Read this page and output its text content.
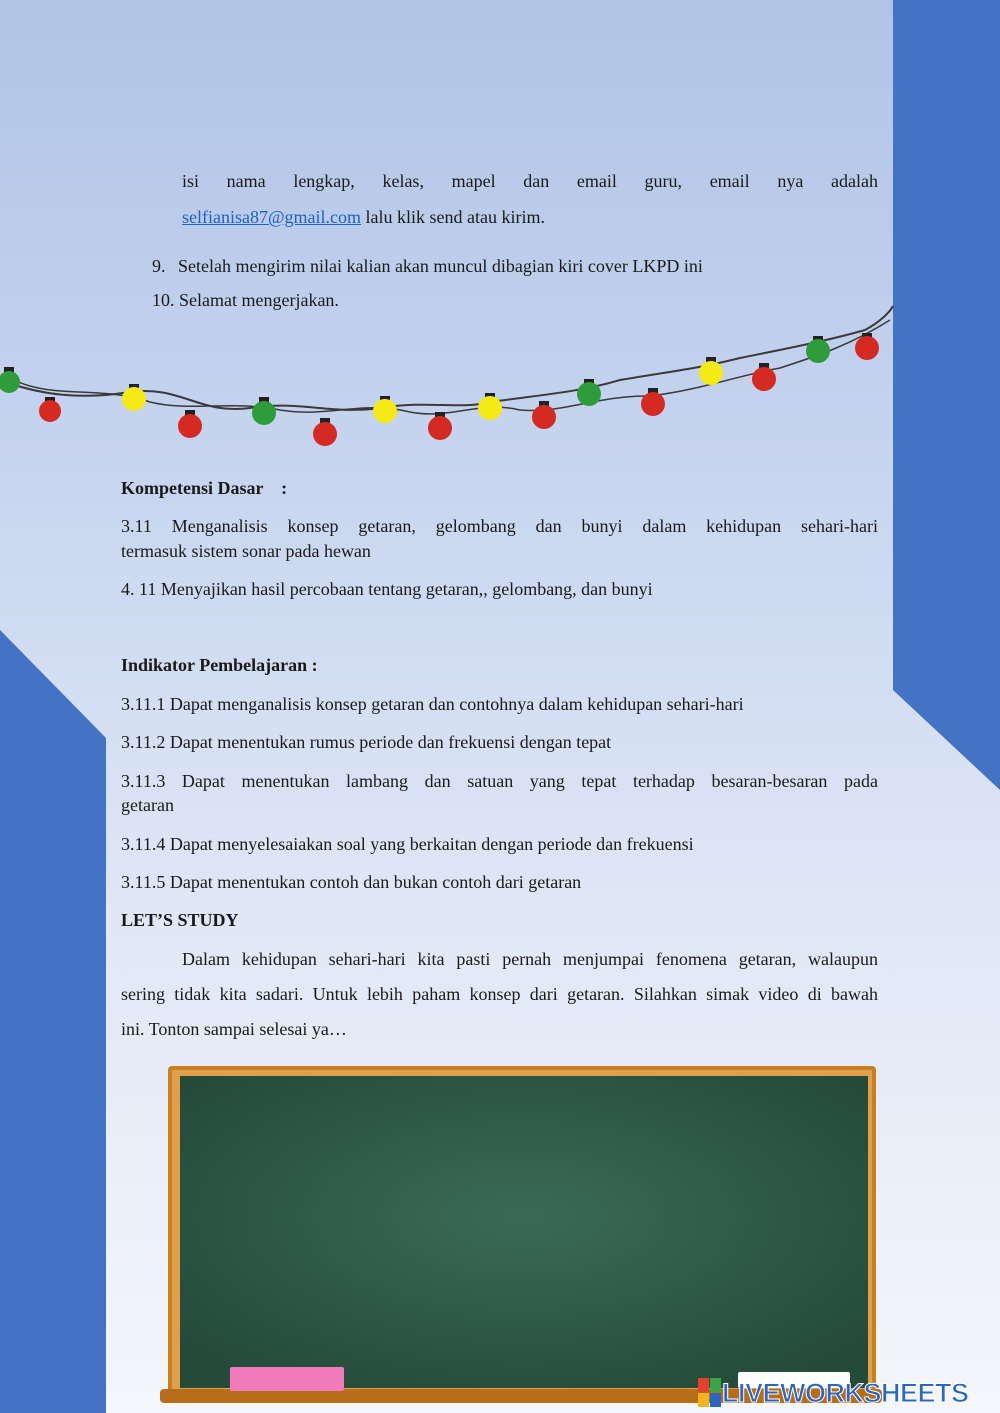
isi nama lengkap, kelas, mapel dan email guru, email nya adalah
selfianisa87@gmail.com lalu klik send atau kirim.
9. Setelah mengirim nilai kalian akan muncul dibagian kiri cover LKPD ini
10. Selamat mengerjakan.
Kompetensi Dasar    :
3.11 Menganalisis konsep getaran, gelombang dan bunyi dalam kehidupan sehari-hari
termasuk sistem sonar pada hewan
4. 11 Menyajikan hasil percobaan tentang getaran,, gelombang, dan bunyi
Indikator Pembelajaran :
3.11.1 Dapat menganalisis konsep getaran dan contohnya dalam kehidupan sehari-hari
3.11.2 Dapat menentukan rumus periode dan frekuensi dengan tepat
3.11.3 Dapat menentukan lambang dan satuan yang tepat terhadap besaran-besaran pada
getaran
3.11.4 Dapat menyelesaiakan soal yang berkaitan dengan periode dan frekuensi
3.11.5 Dapat menentukan contoh dan bukan contoh dari getaran
LET’S STUDY
Dalam kehidupan sehari-hari kita pasti pernah menjumpai fenomena getaran, walaupun
sering tidak kita sadari. Untuk lebih paham konsep dari getaran. Silahkan simak video di bawah
ini. Tonton sampai selesai ya…
LIVEWORKSHEETS
